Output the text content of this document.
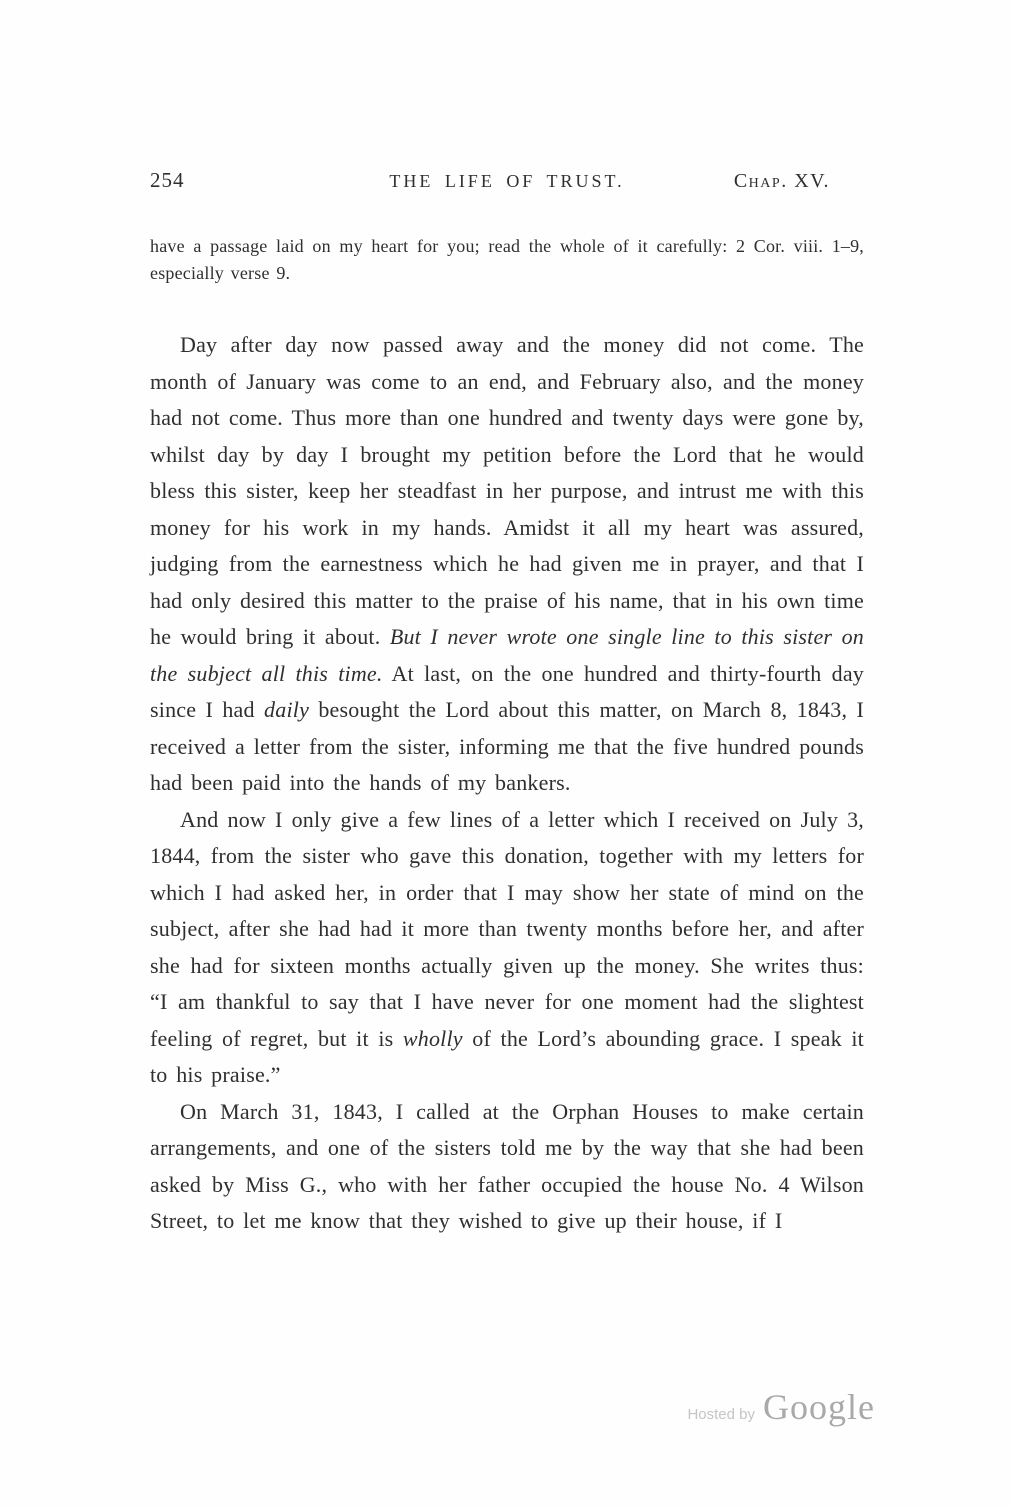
254	THE LIFE OF TRUST.	Chap. XV.

have a passage laid on my heart for you; read the whole of it carefully: 2 Cor. viii. 1–9, especially verse 9.

Day after day now passed away and the money did not come. The month of January was come to an end, and February also, and the money had not come. Thus more than one hundred and twenty days were gone by, whilst day by day I brought my petition before the Lord that he would bless this sister, keep her steadfast in her purpose, and intrust me with this money for his work in my hands. Amidst it all my heart was assured, judging from the earnestness which he had given me in prayer, and that I had only desired this matter to the praise of his name, that in his own time he would bring it about. But I never wrote one single line to this sister on the subject all this time. At last, on the one hundred and thirty-fourth day since I had daily besought the Lord about this matter, on March 8, 1843, I received a letter from the sister, informing me that the five hundred pounds had been paid into the hands of my bankers.

And now I only give a few lines of a letter which I received on July 3, 1844, from the sister who gave this donation, together with my letters for which I had asked her, in order that I may show her state of mind on the subject, after she had had it more than twenty months before her, and after she had for sixteen months actually given up the money. She writes thus: “I am thankful to say that I have never for one moment had the slightest feeling of regret, but it is wholly of the Lord’s abounding grace. I speak it to his praise.”

On March 31, 1843, I called at the Orphan Houses to make certain arrangements, and one of the sisters told me by the way that she had been asked by Miss G., who with her father occupied the house No. 4 Wilson Street, to let me know that they wished to give up their house, if I

Hosted by Google
